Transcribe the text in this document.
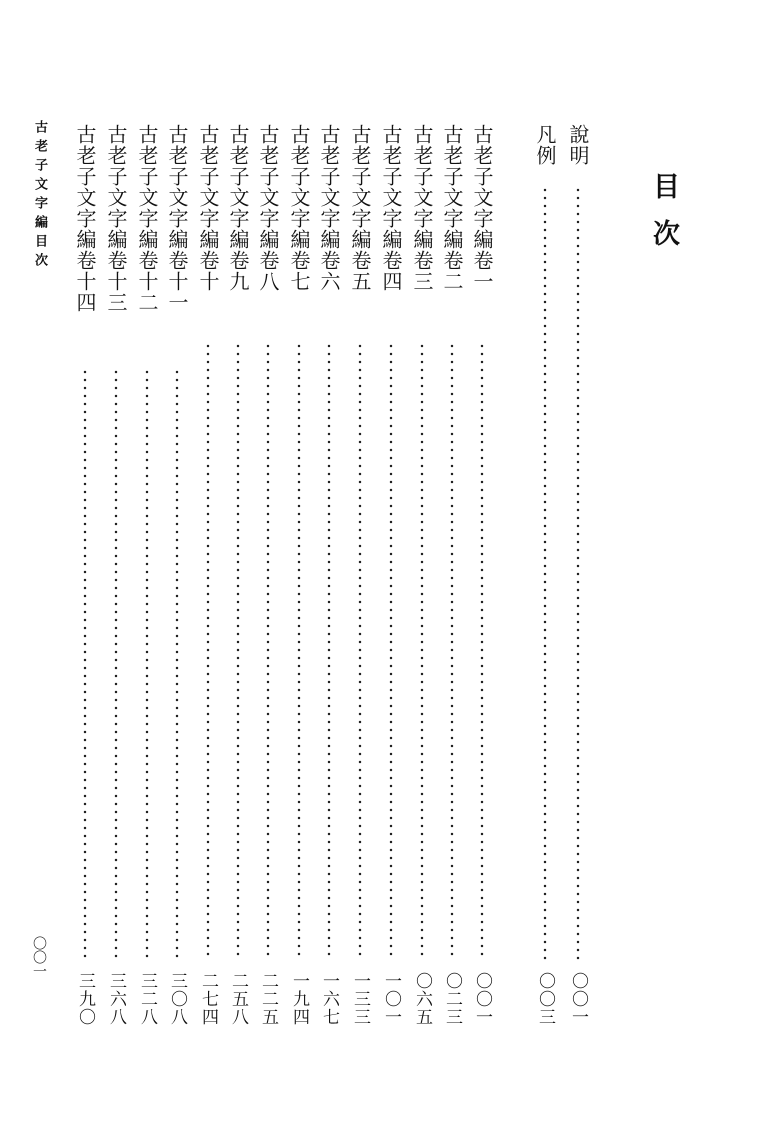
目次
說明
〇〇一
凡例
〇〇三
古老子文字編卷一
〇〇一
古老子文字編卷二
〇二三
古老子文字編卷三
〇六五
古老子文字編卷四
一〇一
古老子文字編卷五
一三三
古老子文字編卷六
一六七
古老子文字編卷七
一九四
古老子文字編卷八
二二五
古老子文字編卷九
二五八
古老子文字編卷十
二七四
古老子文字編卷十一
三〇八
古老子文字編卷十二
三二八
古老子文字編卷十三
三六八
古老子文字編卷十四
三九〇
古老子文字編目次
〇〇一
